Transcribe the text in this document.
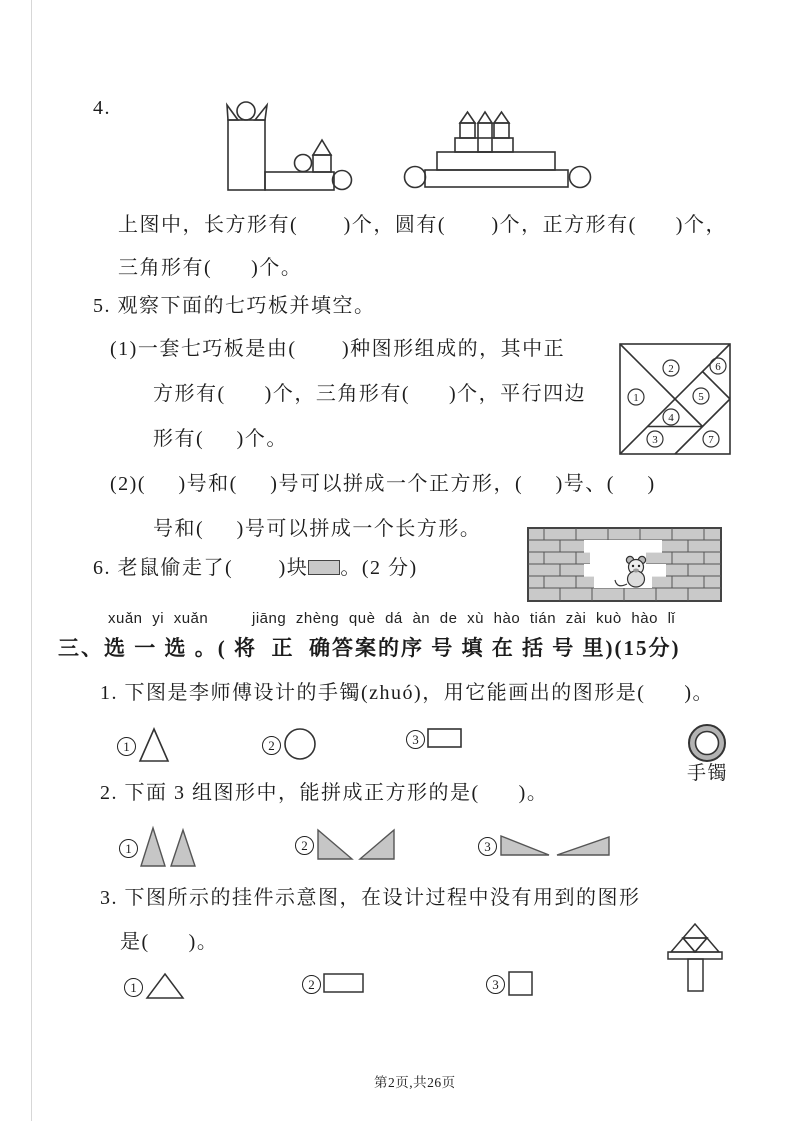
4.
上图中，长方形有(       )个，圆有(       )个，正方形有(      )个，
三角形有(      )个。
5. 观察下面的七巧板并填空。
(1)一套七巧板是由(       )种图形组成的，其中正
方形有(      )个，三角形有(      )个，平行四边
形有(     )个。
1
2
3
4
5
6
7
(2)(     )号和(     )号可以拼成一个正方形，(     )号、(     )
号和(     )号可以拼成一个长方形。
6. 老鼠偷走了(       )块 。(2 分)
xuǎn yi xuǎn	jiāng zhèng què dá àn de xù hào tián zài kuò hào lǐ
三、选 一 选 。( 将  正  确答案的序 号 填 在 括 号 里)(15分)
1. 下图是李师傅设计的手镯(zhuó)，用它能画出的图形是(      )。
1	2	3
手镯
2. 下面 3 组图形中，能拼成正方形的是(      )。
1	2	3
3. 下图所示的挂件示意图，在设计过程中没有用到的图形
是(      )。
1	2	3
第2页,共26页
